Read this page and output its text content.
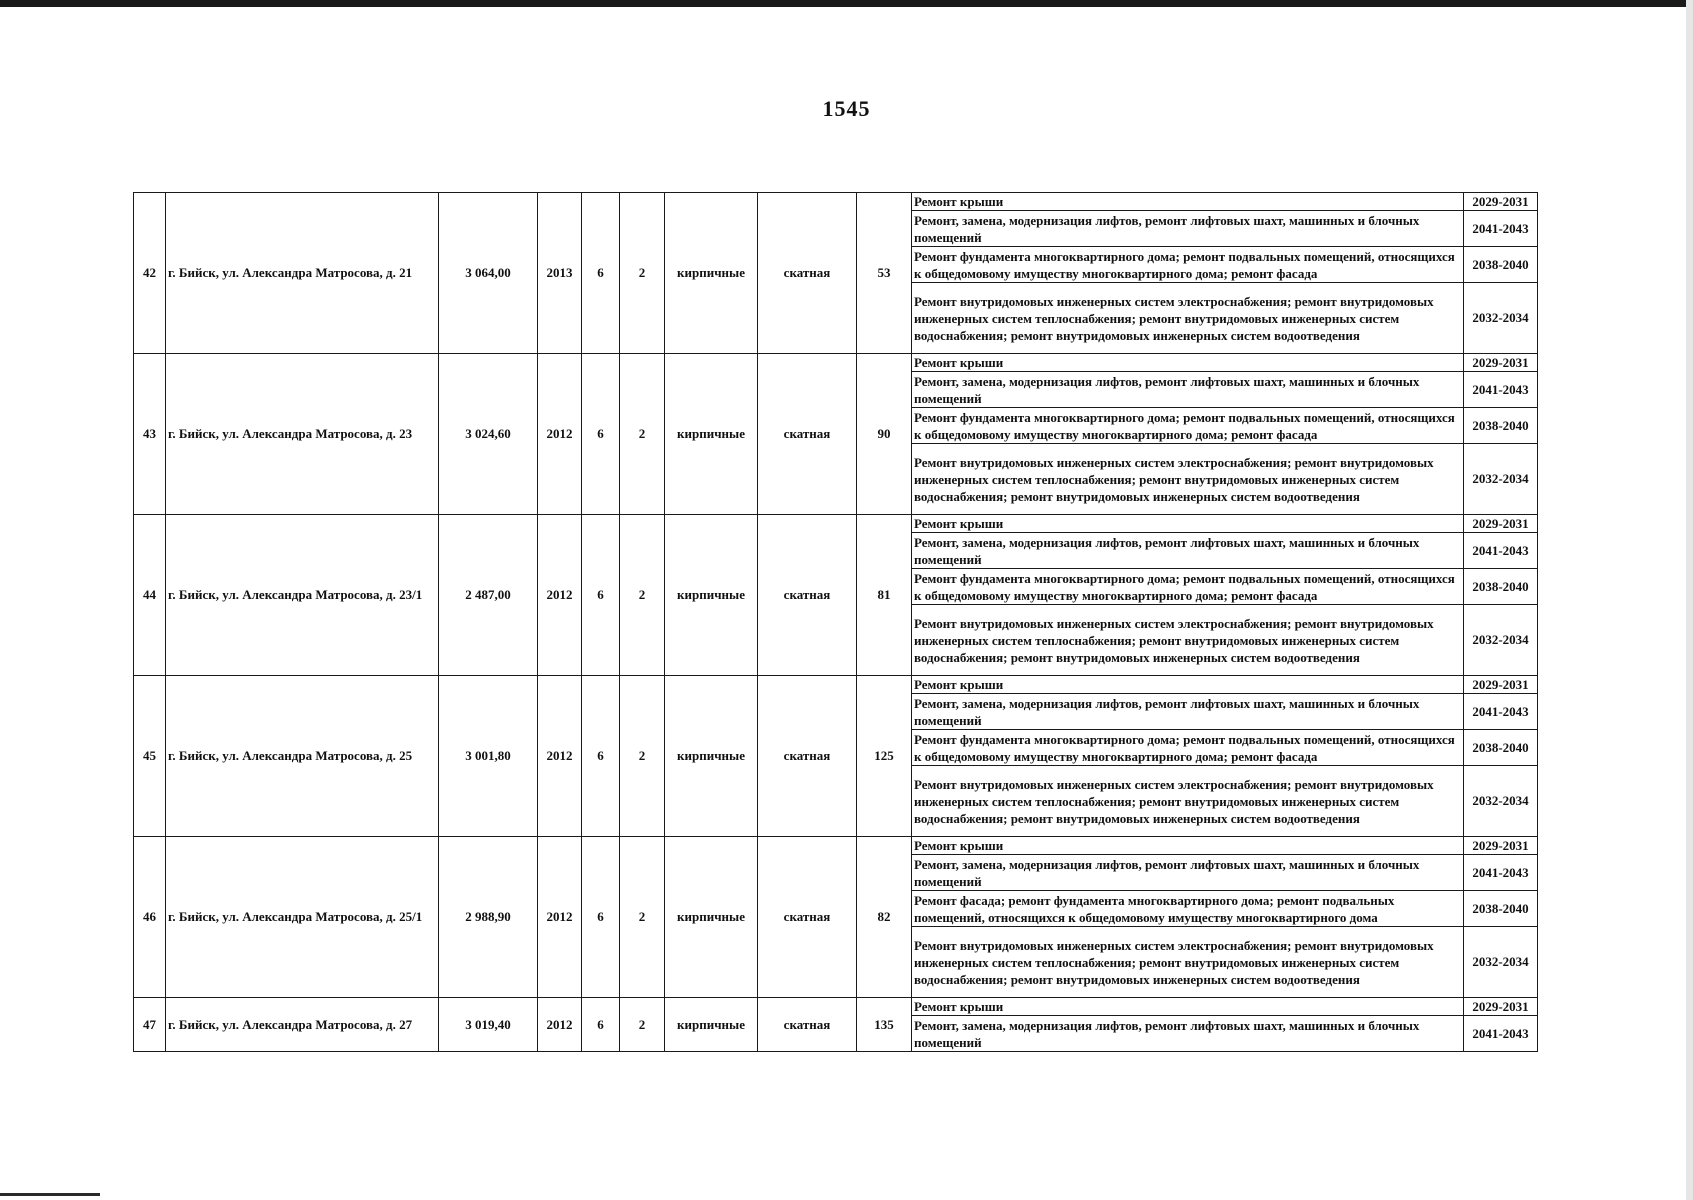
1545
42	г. Бийск, ул. Александра Матросова, д. 21	3 064,00	2013	6	2	кирпичные	скатная	53	Ремонт крыши	2029-2031
									Ремонт, замена, модернизация лифтов, ремонт лифтовых шахт, машинных и блочных помещений	2041-2043
									Ремонт фундамента многоквартирного дома; ремонт подвальных помещений, относящихся к общедомовому имуществу многоквартирного дома; ремонт фасада	2038-2040
									Ремонт внутридомовых инженерных систем электроснабжения; ремонт внутридомовых инженерных систем теплоснабжения; ремонт внутридомовых инженерных систем водоснабжения; ремонт внутридомовых инженерных систем водоотведения	2032-2034
43	г. Бийск, ул. Александра Матросова, д. 23	3 024,60	2012	6	2	кирпичные	скатная	90	Ремонт крыши	2029-2031
									Ремонт, замена, модернизация лифтов, ремонт лифтовых шахт, машинных и блочных помещений	2041-2043
									Ремонт фундамента многоквартирного дома; ремонт подвальных помещений, относящихся к общедомовому имуществу многоквартирного дома; ремонт фасада	2038-2040
									Ремонт внутридомовых инженерных систем электроснабжения; ремонт внутридомовых инженерных систем теплоснабжения; ремонт внутридомовых инженерных систем водоснабжения; ремонт внутридомовых инженерных систем водоотведения	2032-2034
44	г. Бийск, ул. Александра Матросова, д. 23/1	2 487,00	2012	6	2	кирпичные	скатная	81	Ремонт крыши	2029-2031
									Ремонт, замена, модернизация лифтов, ремонт лифтовых шахт, машинных и блочных помещений	2041-2043
									Ремонт фундамента многоквартирного дома; ремонт подвальных помещений, относящихся к общедомовому имуществу многоквартирного дома; ремонт фасада	2038-2040
									Ремонт внутридомовых инженерных систем электроснабжения; ремонт внутридомовых инженерных систем теплоснабжения; ремонт внутридомовых инженерных систем водоснабжения; ремонт внутридомовых инженерных систем водоотведения	2032-2034
45	г. Бийск, ул. Александра Матросова, д. 25	3 001,80	2012	6	2	кирпичные	скатная	125	Ремонт крыши	2029-2031
									Ремонт, замена, модернизация лифтов, ремонт лифтовых шахт, машинных и блочных помещений	2041-2043
									Ремонт фундамента многоквартирного дома; ремонт подвальных помещений, относящихся к общедомовому имуществу многоквартирного дома; ремонт фасада	2038-2040
									Ремонт внутридомовых инженерных систем электроснабжения; ремонт внутридомовых инженерных систем теплоснабжения; ремонт внутридомовых инженерных систем водоснабжения; ремонт внутридомовых инженерных систем водоотведения	2032-2034
46	г. Бийск, ул. Александра Матросова, д. 25/1	2 988,90	2012	6	2	кирпичные	скатная	82	Ремонт крыши	2029-2031
									Ремонт, замена, модернизация лифтов, ремонт лифтовых шахт, машинных и блочных помещений	2041-2043
									Ремонт фасада; ремонт фундамента многоквартирного дома; ремонт подвальных помещений, относящихся к общедомовому имуществу многоквартирного дома	2038-2040
									Ремонт внутридомовых инженерных систем электроснабжения; ремонт внутридомовых инженерных систем теплоснабжения; ремонт внутридомовых инженерных систем водоснабжения; ремонт внутридомовых инженерных систем водоотведения	2032-2034
47	г. Бийск, ул. Александра Матросова, д. 27	3 019,40	2012	6	2	кирпичные	скатная	135	Ремонт крыши	2029-2031
									Ремонт, замена, модернизация лифтов, ремонт лифтовых шахт, машинных и блочных помещений	2041-2043
